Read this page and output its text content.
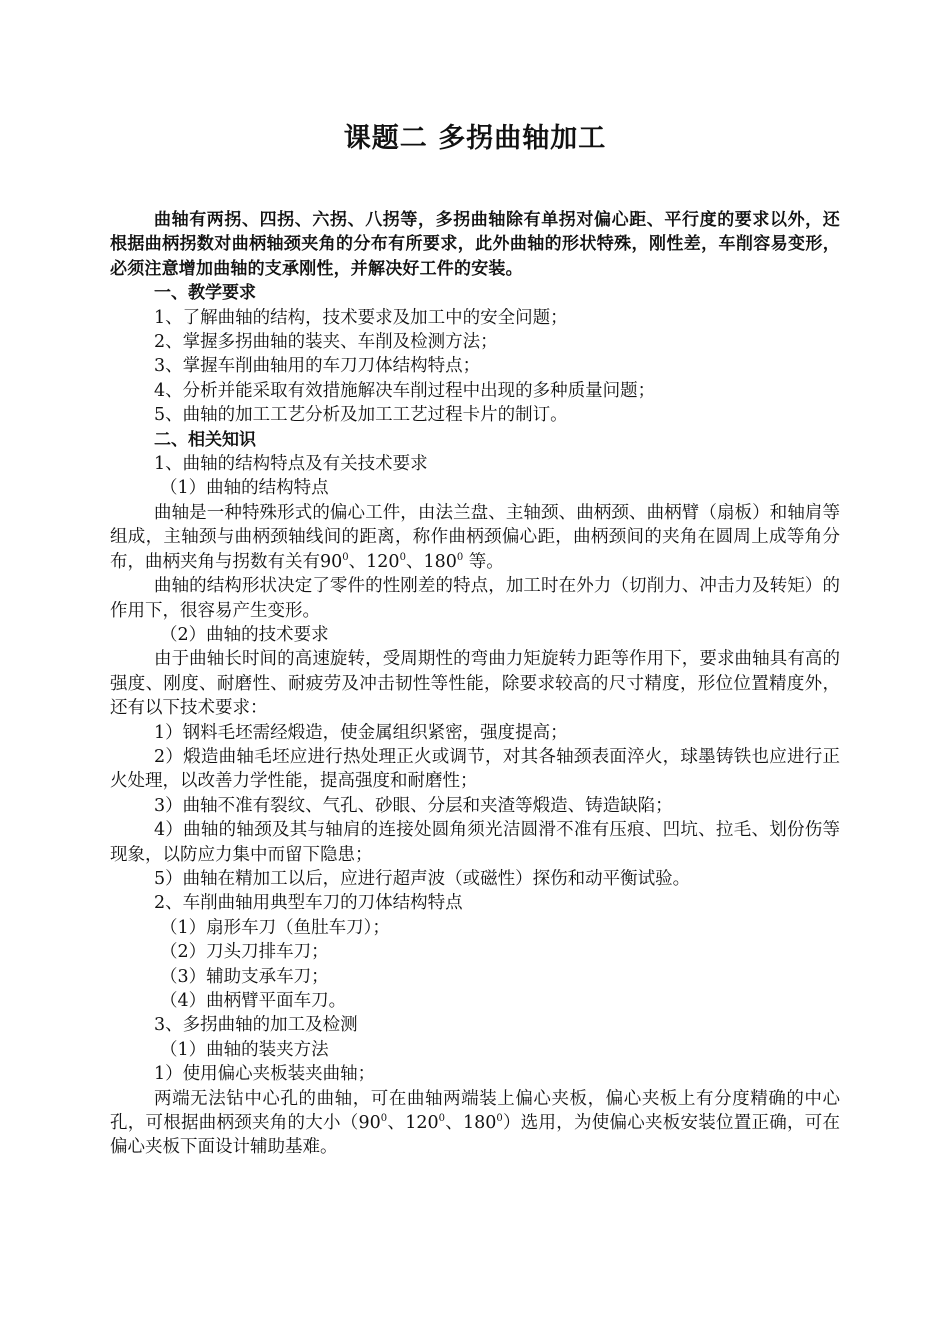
课题二 多拐曲轴加工

曲轴有两拐、四拐、六拐、八拐等，多拐曲轴除有单拐对偏心距、平行度的要求以外，还根据曲柄拐数对曲柄轴颈夹角的分布有所要求，此外曲轴的形状特殊，刚性差，车削容易变形，必须注意增加曲轴的支承刚性，并解决好工件的安装。

一、教学要求

1、了解曲轴的结构，技术要求及加工中的安全问题；

2、掌握多拐曲轴的装夹、车削及检测方法；

3、掌握车削曲轴用的车刀刀体结构特点；

4、分析并能采取有效措施解决车削过程中出现的多种质量问题；

5、曲轴的加工工艺分析及加工工艺过程卡片的制订。

二、相关知识

1、曲轴的结构特点及有关技术要求

（1）曲轴的结构特点

曲轴是一种特殊形式的偏心工件，由法兰盘、主轴颈、曲柄颈、曲柄臂（扇板）和轴肩等组成，主轴颈与曲柄颈轴线间的距离，称作曲柄颈偏心距，曲柄颈间的夹角在圆周上成等角分布，曲柄夹角与拐数有关有$90^0$、$120^0$、$180^0$ 等。

曲轴的结构形状决定了零件的性刚差的特点，加工时在外力（切削力、冲击力及转矩）的作用下，很容易产生变形。

（2）曲轴的技术要求

由于曲轴长时间的高速旋转，受周期性的弯曲力矩旋转力距等作用下，要求曲轴具有高的强度、刚度、耐磨性、耐疲劳及冲击韧性等性能，除要求较高的尺寸精度，形位位置精度外，还有以下技术要求：

1）钢料毛坯需经煅造，使金属组织紧密，强度提高；

2）煅造曲轴毛坯应进行热处理正火或调节，对其各轴颈表面淬火，球墨铸铁也应进行正火处理，以改善力学性能，提高强度和耐磨性；

3）曲轴不准有裂纹、气孔、砂眼、分层和夹渣等煅造、铸造缺陷；

4）曲轴的轴颈及其与轴肩的连接处圆角须光洁圆滑不准有压痕、凹坑、拉毛、划份伤等现象，以防应力集中而留下隐患；

5）曲轴在精加工以后，应进行超声波（或磁性）探伤和动平衡试验。

2、车削曲轴用典型车刀的刀体结构特点

（1）扇形车刀（鱼肚车刀）；

（2）刀头刀排车刀；

（3）辅助支承车刀；

（4）曲柄臂平面车刀。

3、多拐曲轴的加工及检测

（1）曲轴的装夹方法

1）使用偏心夹板装夹曲轴；

两端无法钻中心孔的曲轴，可在曲轴两端装上偏心夹板，偏心夹板上有分度精确的中心孔，可根据曲柄颈夹角的大小（$90^0$、$120^0$、$180^0$）选用，为使偏心夹板安装位置正确，可在偏心夹板下面设计辅助基难。
